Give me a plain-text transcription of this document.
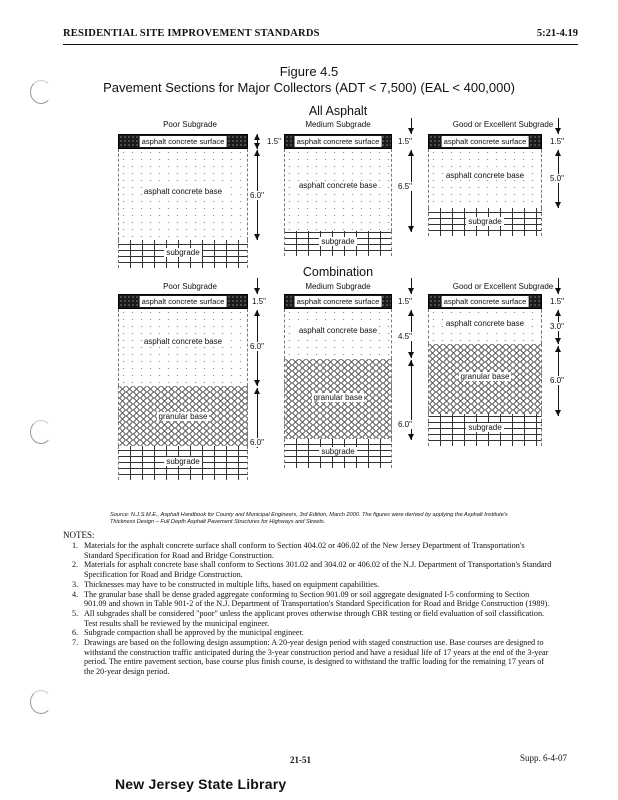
RESIDENTIAL SITE IMPROVEMENT STANDARDS	5:21-4.19
Figure 4.5
Pavement Sections for Major Collectors (ADT < 7,500) (EAL < 400,000)
All Asphalt
Poor Subgrade
asphalt concrete surface
asphalt concrete base
subgrade
1.5"
6.0"
Medium Subgrade
asphalt concrete surface
asphalt concrete base
subgrade
1.5"
6.5"
Good or Excellent Subgrade
asphalt concrete surface
asphalt concrete base
subgrade
1.5"
5.0"
Combination
Poor Subgrade
asphalt concrete surface
asphalt concrete base
granular base
subgrade
1.5"
6.0"
6.0"
Medium Subgrade
asphalt concrete surface
asphalt concrete base
granular base
subgrade
1.5"
4.5"
6.0"
Good or Excellent Subgrade
asphalt concrete surface
asphalt concrete base
granular base
subgrade
1.5"
3.0"
6.0"
Source: N.J.S.M.E., Asphalt Handbook for County and Municipal Engineers, 3rd Edition, March 2000. The figures were derived by applying the Asphalt Institute's Thickness Design – Full Depth Asphalt Pavement Structures for Highways and Streets.
NOTES:
1. Materials for the asphalt concrete surface shall conform to Section 404.02 or 406.02 of the New Jersey Department of Transportation's Standard Specification for Road and Bridge Construction.
2. Materials for asphalt concrete base shall conform to Sections 301.02 and 304.02 or 406.02 of the N.J. Department of Transportation's Standard Specification for Road and Bridge Construction.
3. Thicknesses may have to be constructed in multiple lifts, based on equipment capabilities.
4. The granular base shall be dense graded aggregate conforming to Section 901.09 or soil aggregate designated I-5 conforming to Section 901.09 and shown in Table 901-2 of the N.J. Department of Transportation's Standard Specification for Road and Bridge Construction (1989).
5. All subgrades shall be considered "poor" unless the applicant proves otherwise through CBR testing or field evaluation of soil classification. Test results shall be reviewed by the municipal engineer.
6. Subgrade compaction shall be approved by the municipal engineer.
7. Drawings are based on the following design assumption: A 20-year design period with staged construction use. Base courses are designed to withstand the construction traffic anticipated during the 3-year construction period and have a residual life of 17 years at the end of the 3-year period. The entire pavement section, base course plus finish course, is designed to withstand the traffic loading for the remaining 17 years of the 20-year design period.
21-51	Supp. 6-4-07
New Jersey State Library
